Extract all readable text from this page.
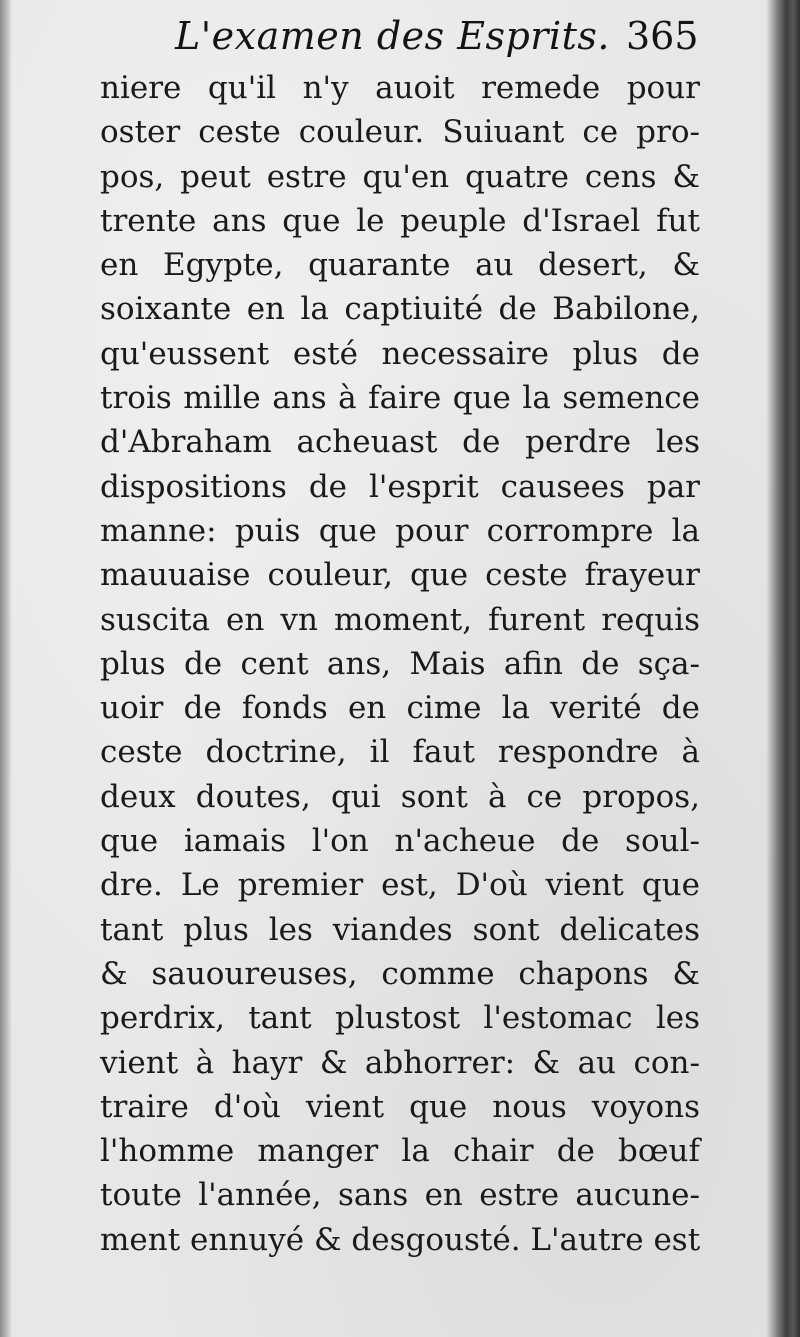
L'examen des Esprits. 365
niere qu'il n'y auoit remede pour
oster ceste couleur. Suiuant ce pro-
pos, peut estre qu'en quatre cens &
trente ans que le peuple d'Israel fut
en Egypte, quarante au desert, &
soixante en la captiuité de Babilone,
qu'eussent esté necessaire plus de
trois mille ans à faire que la semence
d'Abraham acheuast de perdre les
dispositions de l'esprit causees par
manne: puis que pour corrompre la
mauuaise couleur, que ceste frayeur
suscita en vn moment, furent requis
plus de cent ans, Mais afin de sça-
uoir de fonds en cime la verité de
ceste doctrine, il faut respondre à
deux doutes, qui sont à ce propos,
que iamais l'on n'acheue de soul-
dre. Le premier est, D'où vient que
tant plus les viandes sont delicates
& sauoureuses, comme chapons &
perdrix, tant plustost l'estomac les
vient à hayr & abhorrer: & au con-
traire d'où vient que nous voyons
l'homme manger la chair de bœuf
toute l'année, sans en estre aucune-
ment ennuyé & desgousté. L'autre est
